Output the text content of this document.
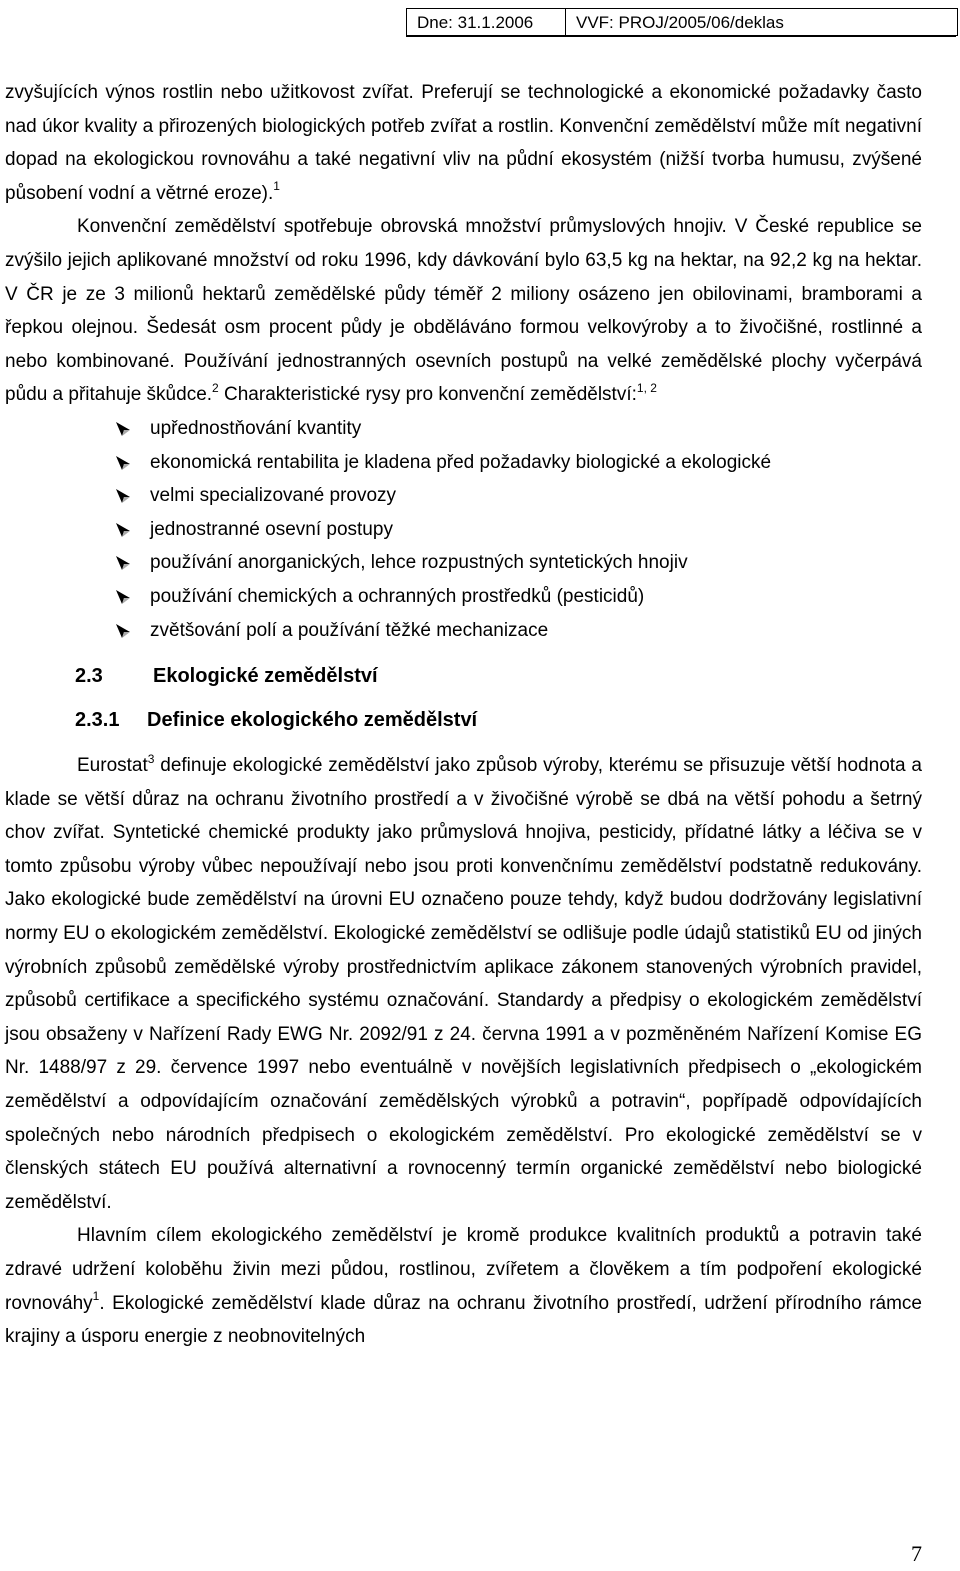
Dne: 31.1.2006	VVF: PROJ/2005/06/deklas

zvyšujících výnos rostlin nebo užitkovost zvířat. Preferují se technologické a ekonomické požadavky často nad úkor kvality a přirozených biologických potřeb zvířat a rostlin. Konvenční zemědělství může mít negativní dopad na ekologickou rovnováhu a také negativní vliv na půdní ekosystém (nižší tvorba humusu, zvýšené působení vodní a větrné eroze).$^1$

Konvenční zemědělství spotřebuje obrovská množství průmyslových hnojiv. V České republice se zvýšilo jejich aplikované množství od roku 1996, kdy dávkování bylo 63,5 kg na hektar, na 92,2 kg na hektar. V ČR je ze 3 milionů hektarů zemědělské půdy téměř 2 miliony osázeno jen obilovinami, bramborami a řepkou olejnou. Šedesát osm procent půdy je obděláváno formou velkovýroby a to živočišné, rostlinné a nebo kombinované. Používání jednostranných osevních postupů na velké zemědělské plochy vyčerpává půdu a přitahuje škůdce.$^2$ Charakteristické rysy pro konvenční zemědělství:$^{1, 2}$

upřednostňování kvantity
ekonomická rentabilita je kladena před požadavky biologické a ekologické
velmi specializované provozy
jednostranné osevní postupy
používání anorganických, lehce rozpustných syntetických hnojiv
používání chemických a ochranných prostředků (pesticidů)
zvětšování polí a používání těžké mechanizace
2.3	Ekologické zemědělství
2.3.1 Definice ekologického zemědělství

Eurostat$^3$ definuje ekologické zemědělství jako způsob výroby, kterému se přisuzuje větší hodnota a klade se větší důraz na ochranu životního prostředí a v živočišné výrobě se dbá na větší pohodu a šetrný chov zvířat. Syntetické chemické produkty jako průmyslová hnojiva, pesticidy, přídatné látky a léčiva se v tomto způsobu výroby vůbec nepoužívají nebo jsou proti konvenčnímu zemědělství podstatně redukovány. Jako ekologické bude zemědělství na úrovni EU označeno pouze tehdy, když budou dodržovány legislativní normy EU o ekologickém zemědělství. Ekologické zemědělství se odlišuje podle údajů statistiků EU od jiných výrobních způsobů zemědělské výroby prostřednictvím aplikace zákonem stanovených výrobních pravidel, způsobů certifikace a specifického systému označování. Standardy a předpisy o ekologickém zemědělství jsou obsaženy v Nařízení Rady EWG Nr. 2092/91 z 24. června 1991 a v pozměněném Nařízení Komise EG Nr. 1488/97 z 29. července 1997 nebo eventuálně v novějších legislativních předpisech o „ekologickém zemědělství a odpovídajícím označování zemědělských výrobků a potravin“, popřípadě odpovídajících společných nebo národních předpisech o ekologickém zemědělství. Pro ekologické zemědělství se v členských státech EU používá alternativní a rovnocenný termín organické zemědělství nebo biologické zemědělství.

Hlavním cílem ekologického zemědělství je kromě produkce kvalitních produktů a potravin také zdravé udržení koloběhu živin mezi půdou, rostlinou, zvířetem a člověkem a tím podpoření ekologické rovnováhy$^1$. Ekologické zemědělství klade důraz na ochranu životního prostředí, udržení přírodního rámce krajiny a úsporu energie z neobnovitelných

7
